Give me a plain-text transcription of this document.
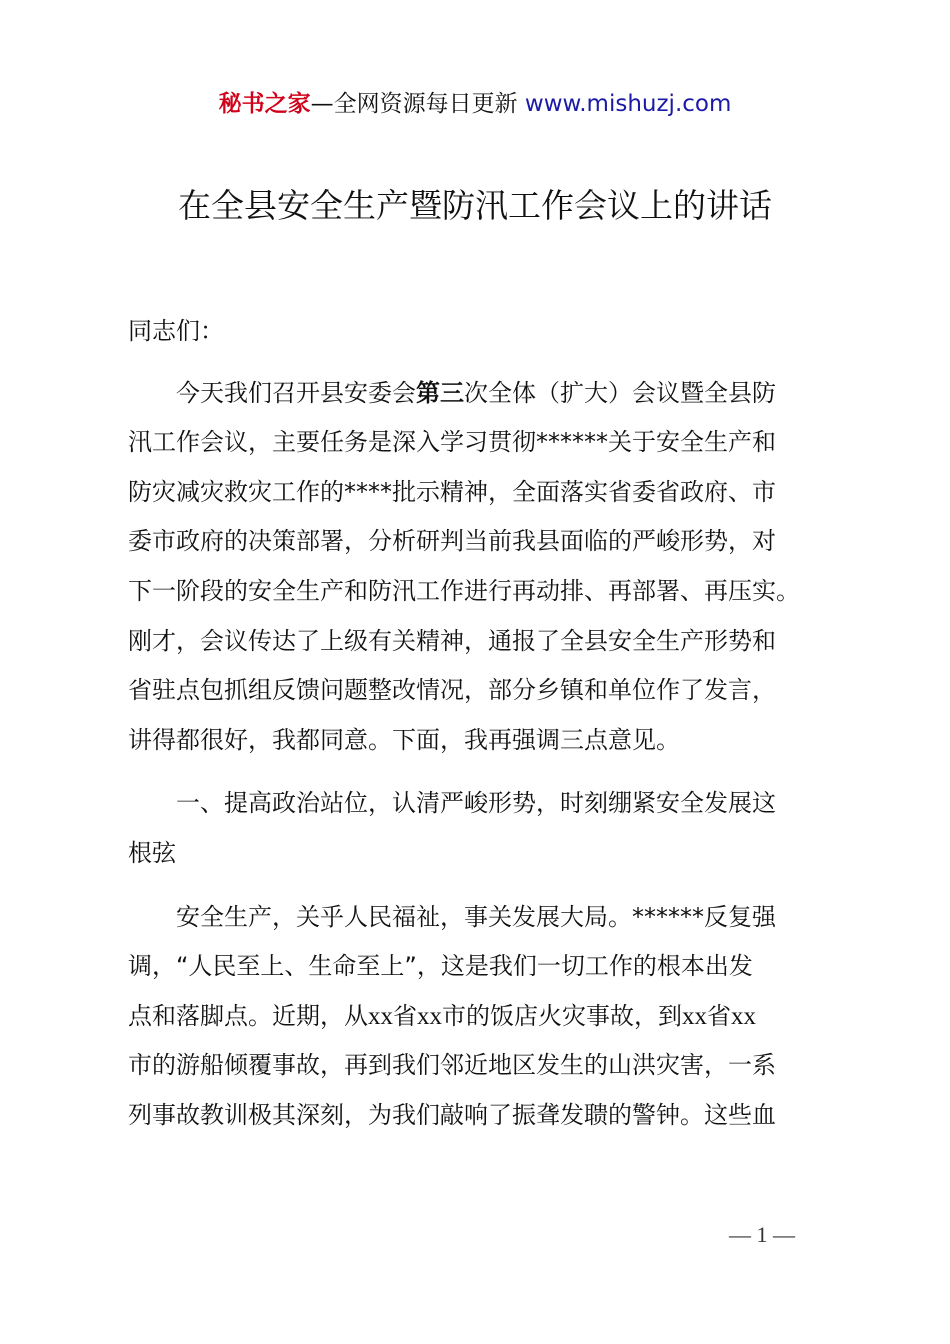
秘书之家—全网资源每日更新 www.mishuzj.com
在全县安全生产暨防汛工作会议上的讲话

同志们：

今天我们召开县安委会第三次全体（扩大）会议暨全县防
汛工作会议，主要任务是深入学习贯彻******关于安全生产和
防灾减灾救灾工作的****批示精神，全面落实省委省政府、市
委市政府的决策部署，分析研判当前我县面临的严峻形势，对
下一阶段的安全生产和防汛工作进行再动排、再部署、再压实。
刚才，会议传达了上级有关精神，通报了全县安全生产形势和
省驻点包抓组反馈问题整改情况，部分乡镇和单位作了发言，
讲得都很好，我都同意。下面，我再强调三点意见。

一、提高政治站位，认清严峻形势，时刻绷紧安全发展这
根弦

安全生产，关乎人民福祉，事关发展大局。******反复强
调，“人民至上、生命至上”，这是我们一切工作的根本出发
点和落脚点。近期，从xx省xx市的饭店火灾事故，到xx省xx
市的游船倾覆事故，再到我们邻近地区发生的山洪灾害，一系
列事故教训极其深刻，为我们敲响了振聋发聩的警钟。这些血

— 1 —
